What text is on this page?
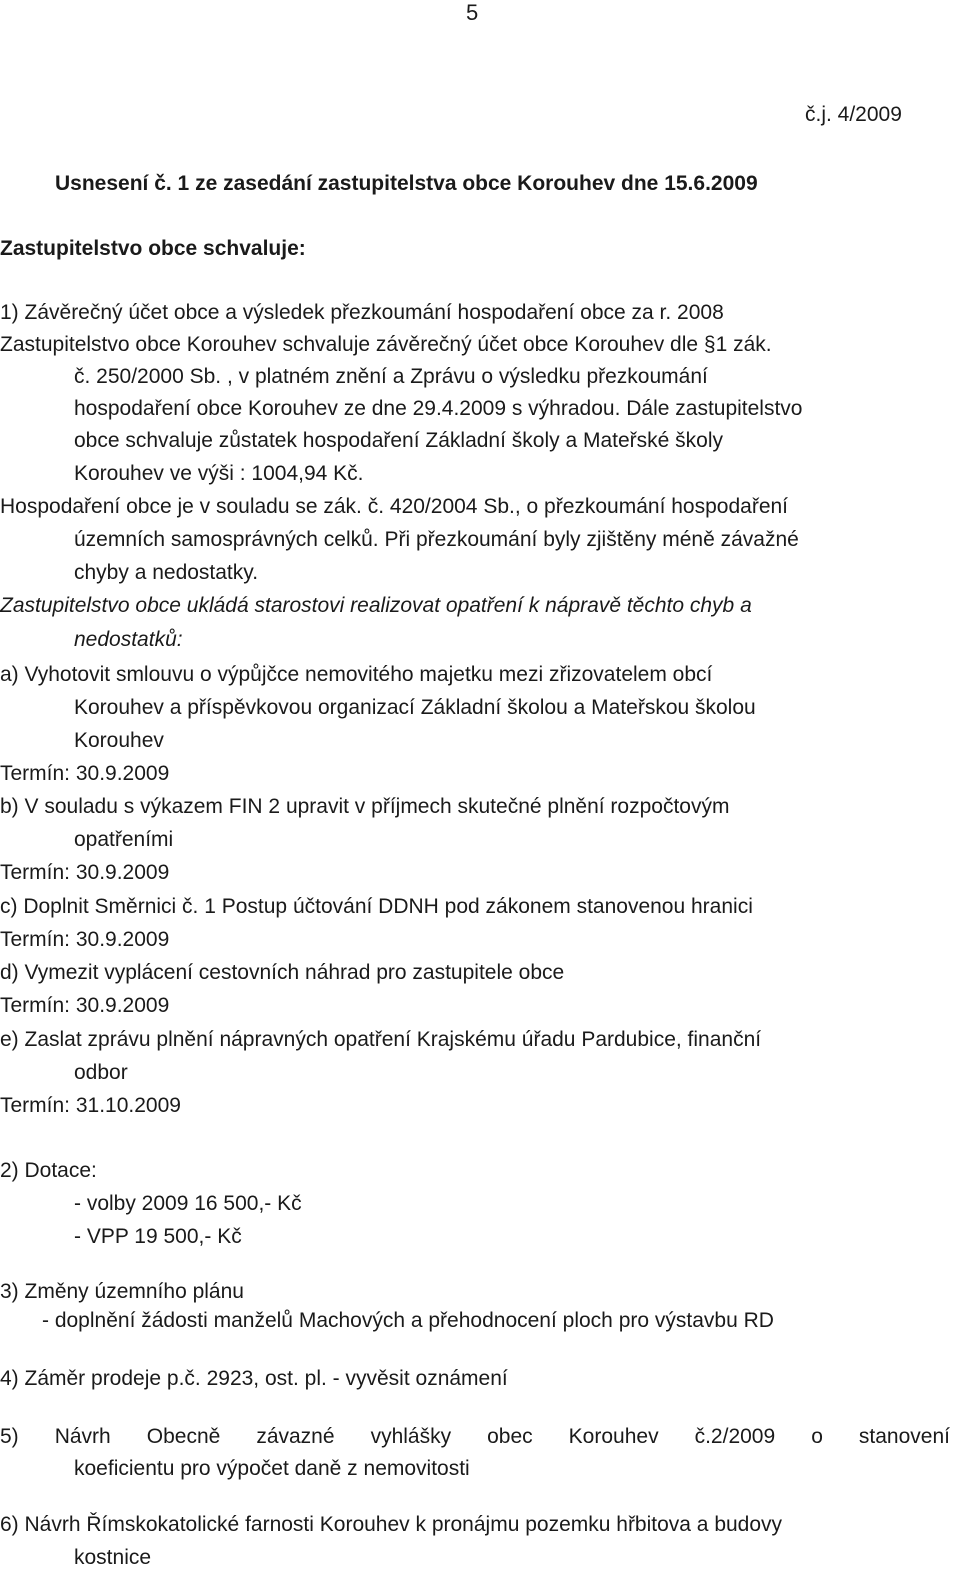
5
č.j. 4/2009
Usnesení č. 1 ze zasedání zastupitelstva obce Korouhev dne 15.6.2009
Zastupitelstvo obce schvaluje:
1) Závěrečný účet obce a výsledek přezkoumání hospodaření obce za r. 2008
Zastupitelstvo obce Korouhev schvaluje závěrečný účet obce Korouhev dle §1 zák.
č. 250/2000 Sb. , v platném znění a Zprávu o výsledku přezkoumání
hospodaření obce Korouhev ze dne 29.4.2009 s výhradou. Dále zastupitelstvo
obce schvaluje zůstatek hospodaření Základní školy a Mateřské školy
Korouhev ve výši : 1004,94 Kč.
Hospodaření obce je v souladu se zák. č. 420/2004 Sb., o přezkoumání hospodaření
územních samosprávných celků. Při přezkoumání byly zjištěny méně závažné
chyby a nedostatky.
Zastupitelstvo obce ukládá starostovi realizovat opatření k nápravě těchto chyb a
nedostatků:
a) Vyhotovit smlouvu o výpůjčce nemovitého majetku mezi zřizovatelem obcí
Korouhev a příspěvkovou organizací Základní školou a Mateřskou školou
Korouhev
Termín: 30.9.2009
b) V souladu s výkazem FIN 2 upravit v příjmech skutečné plnění rozpočtovým
opatřeními
Termín: 30.9.2009
c) Doplnit Směrnici č. 1 Postup účtování DDNH pod zákonem stanovenou hranici
Termín: 30.9.2009
d) Vymezit vyplácení cestovních náhrad pro zastupitele obce
Termín: 30.9.2009
e) Zaslat zprávu plnění nápravných opatření Krajskému úřadu Pardubice, finanční
odbor
Termín: 31.10.2009
2) Dotace:
- volby 2009 16 500,- Kč
- VPP 19 500,- Kč
3) Změny územního plánu
- doplnění žádosti manželů Machových a přehodnocení ploch pro výstavbu RD
4) Záměr prodeje p.č. 2923, ost. pl. - vyvěsit oznámení
5) Návrh Obecně závazné vyhlášky obec Korouhev č.2/2009 o stanovení
koeficientu pro výpočet daně z nemovitosti
6) Návrh Římskokatolické farnosti Korouhev k pronájmu pozemku hřbitova a budovy
kostnice
